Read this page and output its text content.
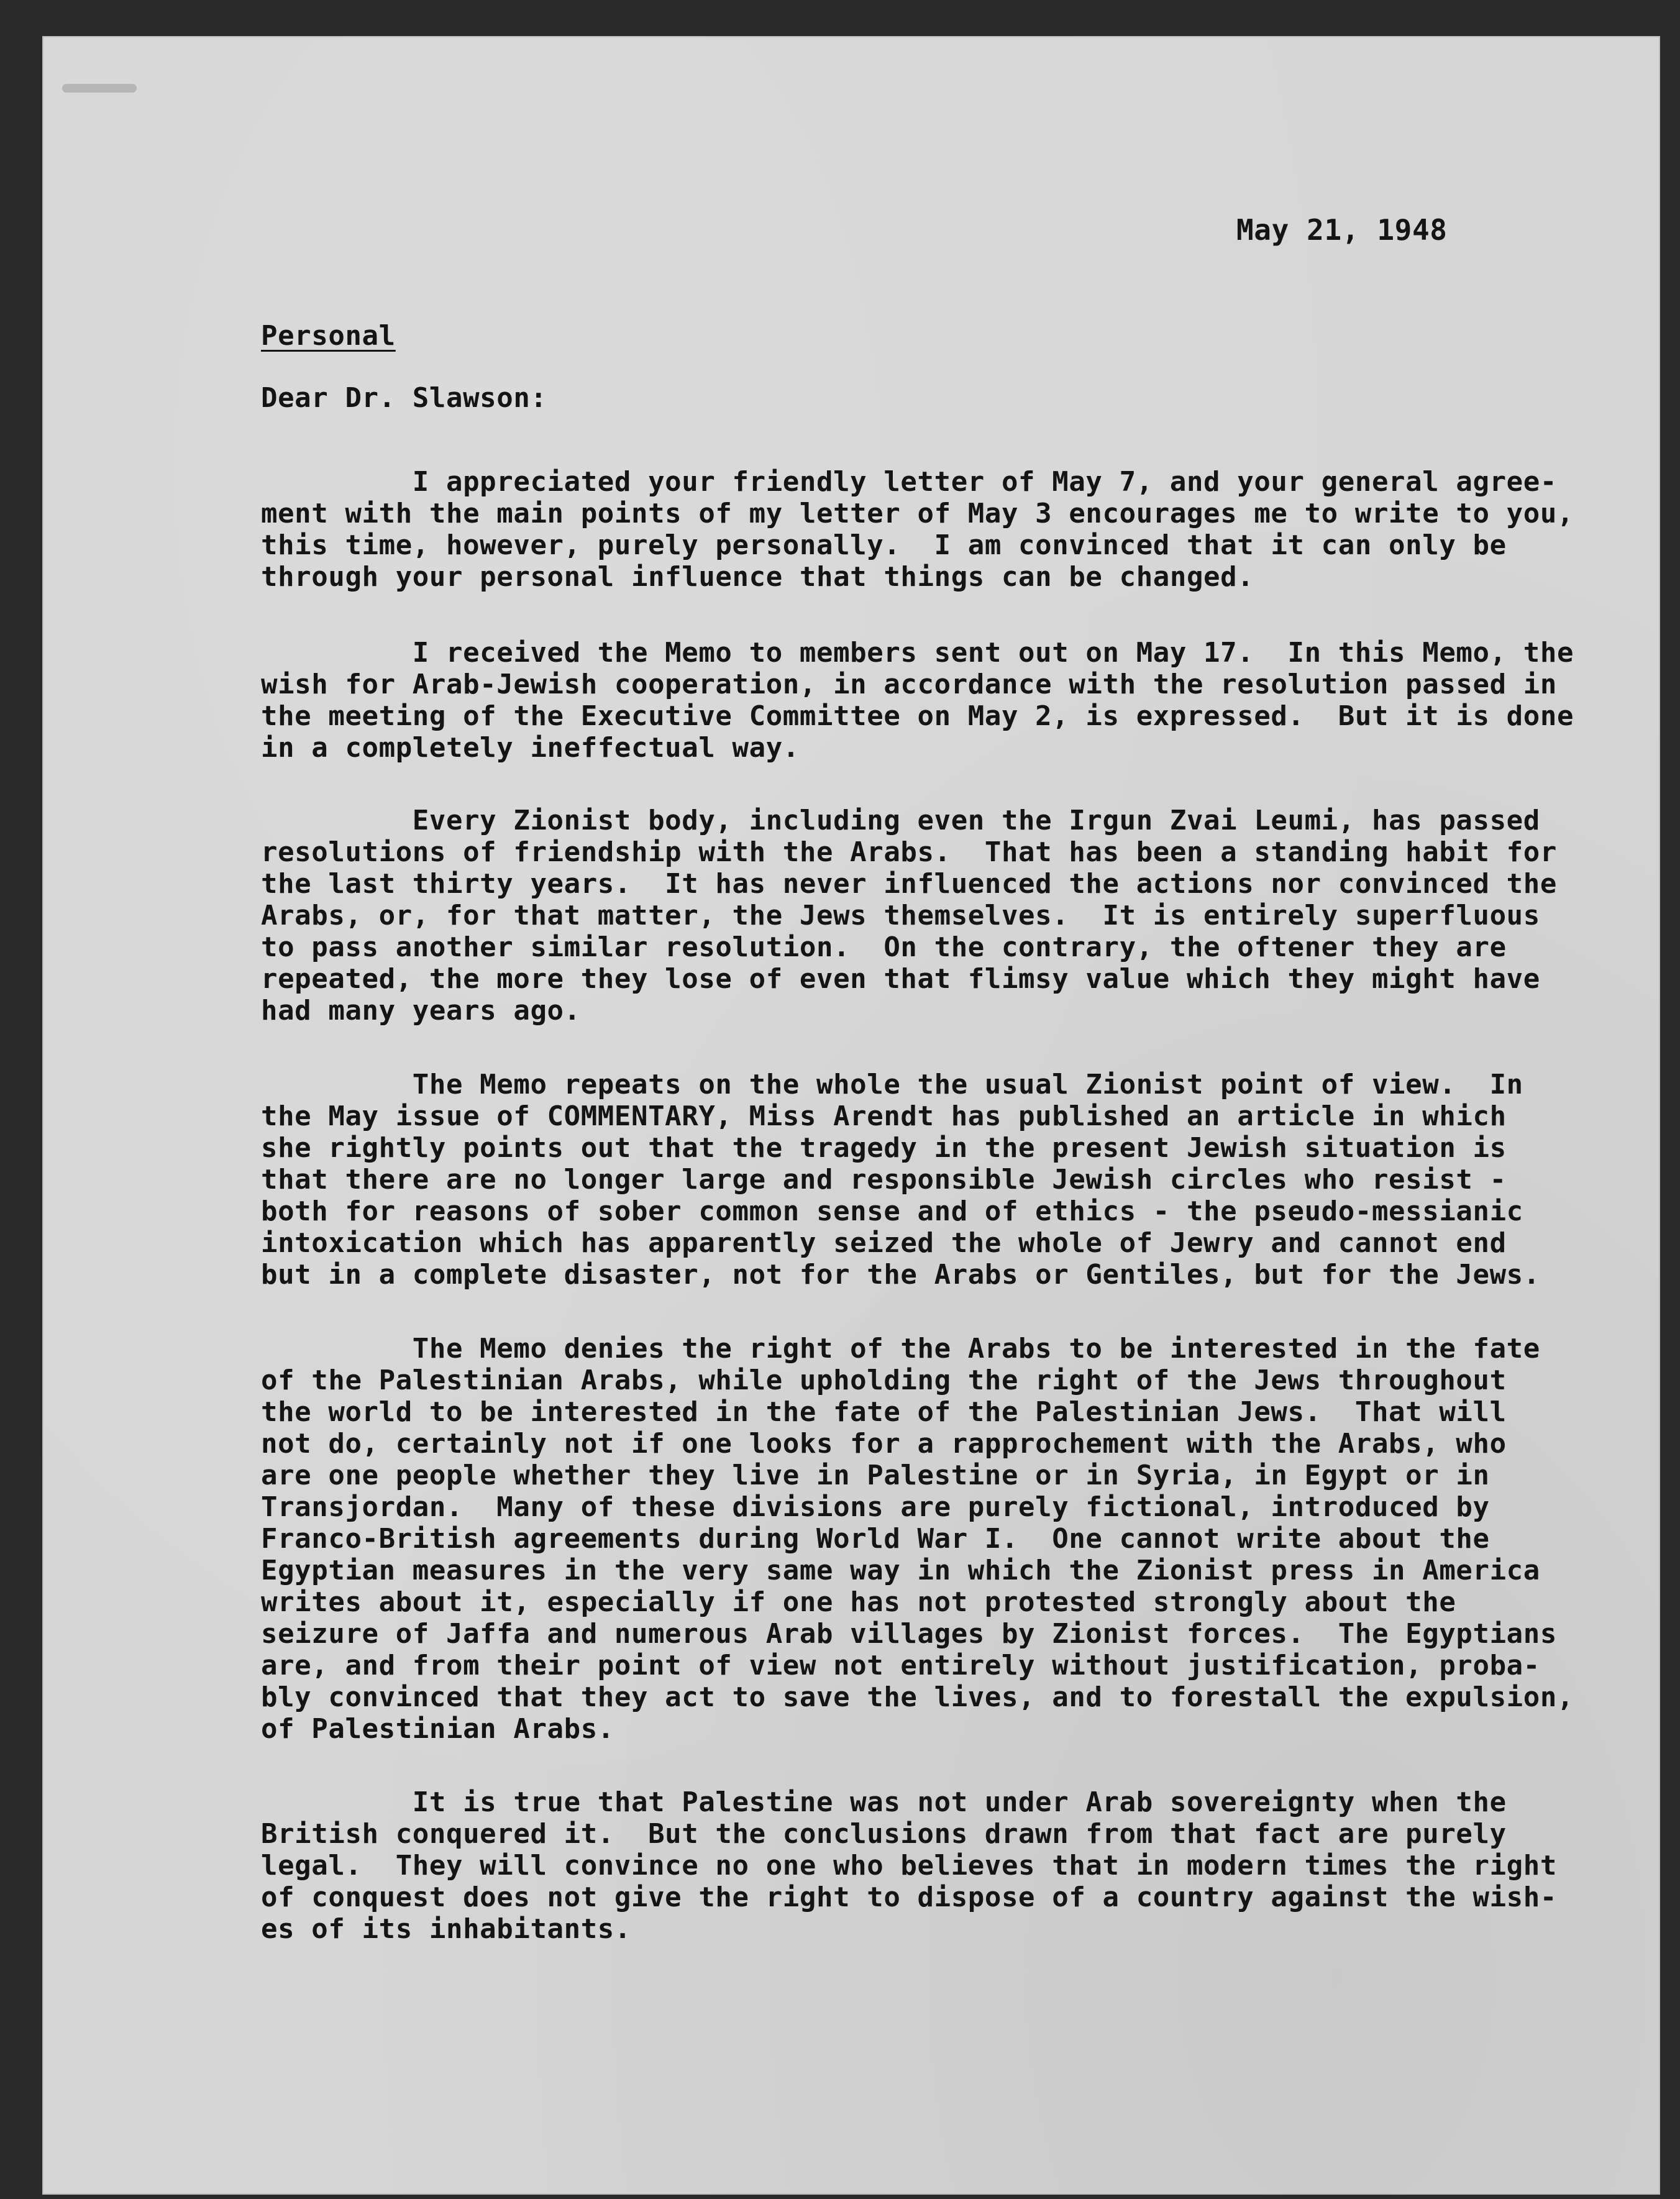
May 21, 1948
Personal
Dear Dr. Slawson:
I appreciated your friendly letter of May 7, and your general agree-
ment with the main points of my letter of May 3 encourages me to write to you,
this time, however, purely personally.  I am convinced that it can only be
through your personal influence that things can be changed.
I received the Memo to members sent out on May 17.  In this Memo, the
wish for Arab-Jewish cooperation, in accordance with the resolution passed in
the meeting of the Executive Committee on May 2, is expressed.  But it is done
in a completely ineffectual way.
Every Zionist body, including even the Irgun Zvai Leumi, has passed
resolutions of friendship with the Arabs.  That has been a standing habit for
the last thirty years.  It has never influenced the actions nor convinced the
Arabs, or, for that matter, the Jews themselves.  It is entirely superfluous
to pass another similar resolution.  On the contrary, the oftener they are
repeated, the more they lose of even that flimsy value which they might have
had many years ago.
The Memo repeats on the whole the usual Zionist point of view.  In
the May issue of COMMENTARY, Miss Arendt has published an article in which
she rightly points out that the tragedy in the present Jewish situation is
that there are no longer large and responsible Jewish circles who resist -
both for reasons of sober common sense and of ethics - the pseudo-messianic
intoxication which has apparently seized the whole of Jewry and cannot end
but in a complete disaster, not for the Arabs or Gentiles, but for the Jews.
The Memo denies the right of the Arabs to be interested in the fate
of the Palestinian Arabs, while upholding the right of the Jews throughout
the world to be interested in the fate of the Palestinian Jews.  That will
not do, certainly not if one looks for a rapprochement with the Arabs, who
are one people whether they live in Palestine or in Syria, in Egypt or in
Transjordan.  Many of these divisions are purely fictional, introduced by
Franco-British agreements during World War I.  One cannot write about the
Egyptian measures in the very same way in which the Zionist press in America
writes about it, especially if one has not protested strongly about the
seizure of Jaffa and numerous Arab villages by Zionist forces.  The Egyptians
are, and from their point of view not entirely without justification, proba-
bly convinced that they act to save the lives, and to forestall the expulsion,
of Palestinian Arabs.
It is true that Palestine was not under Arab sovereignty when the
British conquered it.  But the conclusions drawn from that fact are purely
legal.  They will convince no one who believes that in modern times the right
of conquest does not give the right to dispose of a country against the wish-
es of its inhabitants.
